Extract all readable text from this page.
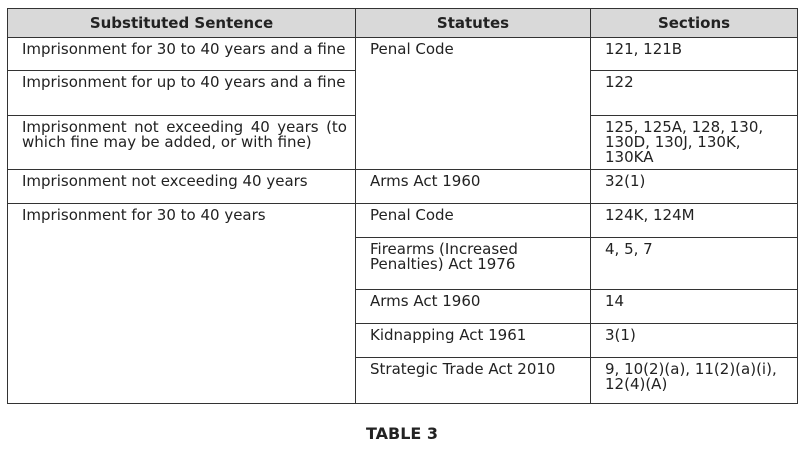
Substituted Sentence	Statutes	Sections
Imprisonment for 30 to 40 years and a fine	Penal Code	121, 121B
Imprisonment for up to 40 years and a fine		122
Imprisonment not exceeding 40 years (to which fine may be added, or with fine)		125, 125A, 128, 130, 130D, 130J, 130K, 130KA
Imprisonment not exceeding 40 years	Arms Act 1960	32(1)
Imprisonment for 30 to 40 years	Penal Code	124K, 124M
	Firearms (Increased Penalties) Act 1976	4, 5, 7
	Arms Act 1960	14
	Kidnapping Act 1961	3(1)
	Strategic Trade Act 2010	9, 10(2)(a), 11(2)(a)(i), 12(4)(A)
TABLE 3
